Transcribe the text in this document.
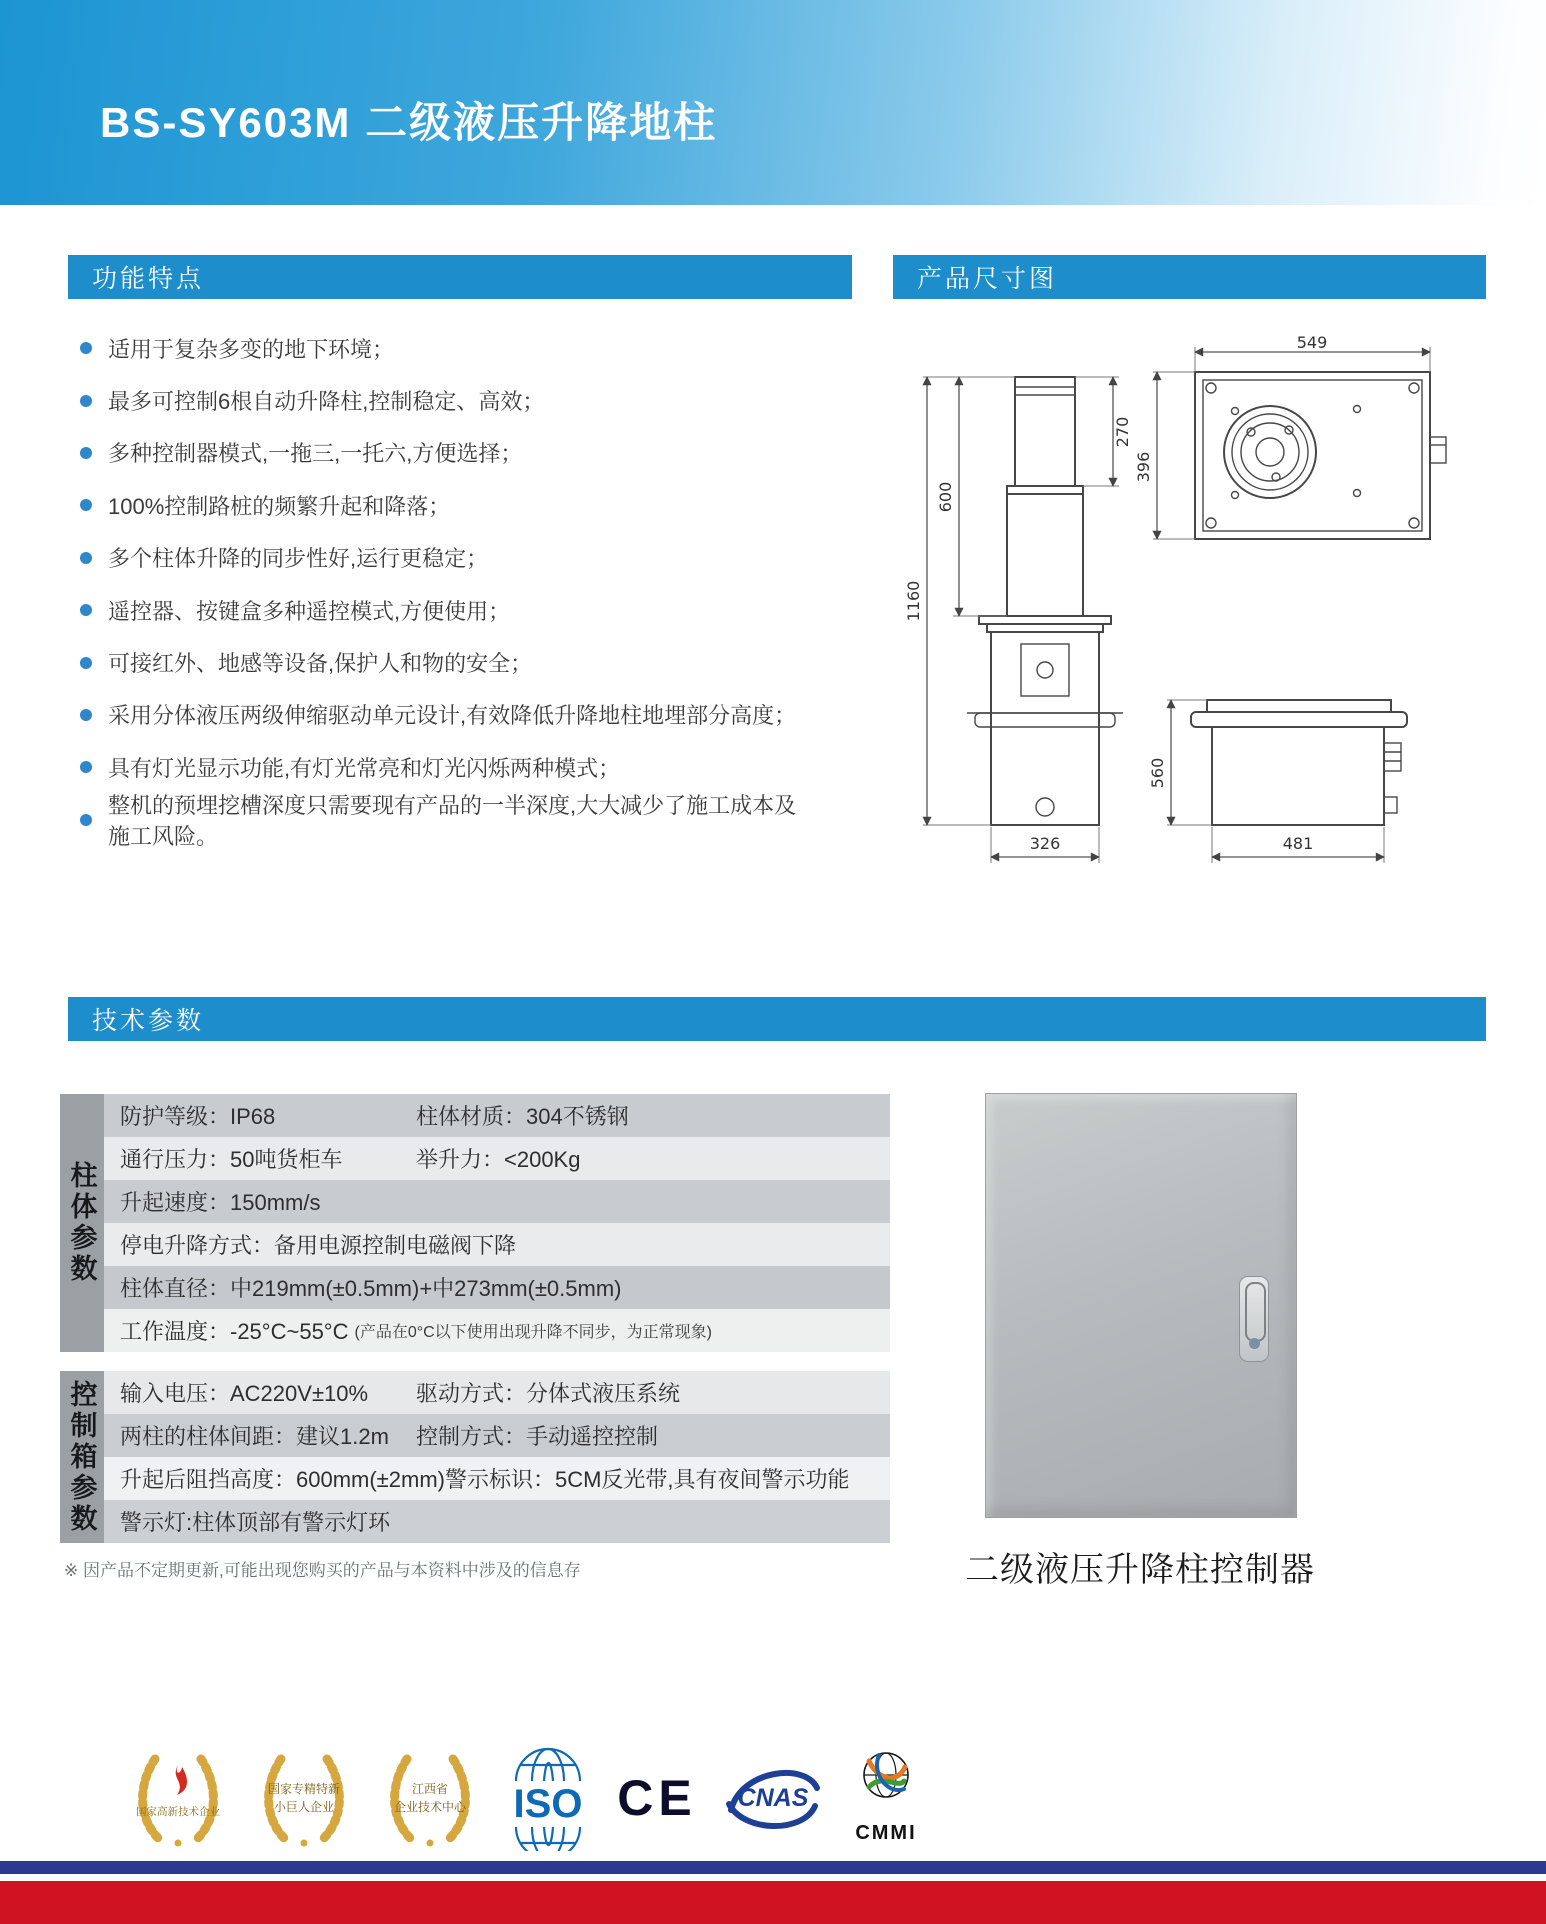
BS-SY603M 二级液压升降地柱
功能特点	产品尺寸图
适用于复杂多变的地下环境；
最多可控制6根自动升降柱,控制稳定、高效；
多种控制器模式,一拖三,一托六,方便选择；
100%控制路桩的频繁升起和降落；
多个柱体升降的同步性好,运行更稳定；
遥控器、按键盒多种遥控模式,方便使用；
可接红外、地感等设备,保护人和物的安全；
采用分体液压两级伸缩驱动单元设计,有效降低升降地柱地埋部分高度；
具有灯光显示功能,有灯光常亮和灯光闪烁两种模式；
整机的预埋挖槽深度只需要现有产品的一半深度,大大减少了施工成本及施工风险。
1160
600
270
326
549
396
560
481
技术参数
柱体参数
防护等级：IP68	柱体材质：304不锈钢
通行压力：50吨货柜车	举升力：<200Kg
升起速度：150mm/s
停电升降方式：备用电源控制电磁阀下降
柱体直径：中219mm(±0.5mm)+中273mm(±0.5mm)
工作温度：-25°C~55°C (产品在0°C以下使用出现升降不同步，为正常现象)
控制箱参数	输入电压：AC220V±10%	驱动方式：分体式液压系统
两柱的柱体间距：建议1.2m	控制方式：手动遥控控制
升起后阻挡高度：600mm(±2mm) 警示标识：5CM反光带,具有夜间警示功能
警示灯:柱体顶部有警示灯环
※ 因产品不定期更新,可能出现您购买的产品与本资料中涉及的信息存	二级液压升降柱控制器
国家高新技术企业
国家专精特新
小巨人企业
江西省
企业技术中心 ISO CE CNAS
CMMI
